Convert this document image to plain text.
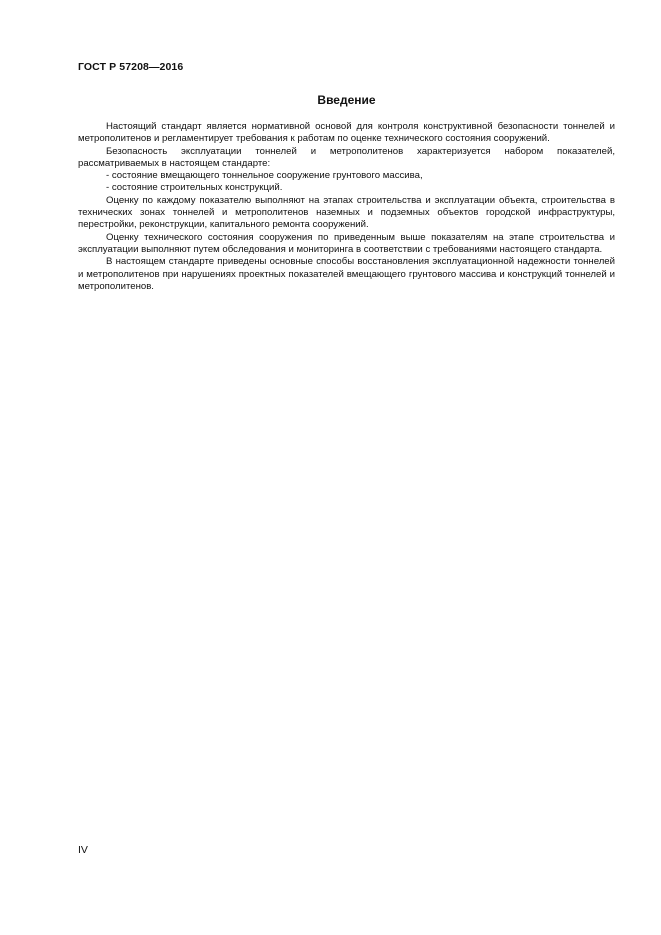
ГОСТ Р 57208—2016
Введение

Настоящий стандарт является нормативной основой для контроля конструктивной безопасности тоннелей и метрополитенов и регламентирует требования к работам по оценке технического состояния сооружений.

Безопасность эксплуатации тоннелей и метрополитенов характеризуется набором показателей, рассматриваемых в настоящем стандарте:

- состояние вмещающего тоннельное сооружение грунтового массива,

- состояние строительных конструкций.

Оценку по каждому показателю выполняют на этапах строительства и эксплуатации объекта, строительства в технических зонах тоннелей и метрополитенов наземных и подземных объектов городской инфраструктуры, перестройки, реконструкции, капитального ремонта сооружений.

Оценку технического состояния сооружения по приведенным выше показателям на этапе строительства и эксплуатации выполняют путем обследования и мониторинга в соответствии с требованиями настоящего стандарта.

В настоящем стандарте приведены основные способы восстановления эксплуатационной надежности тоннелей и метрополитенов при нарушениях проектных показателей вмещающего грунтового массива и конструкций тоннелей и метрополитенов.

IV
